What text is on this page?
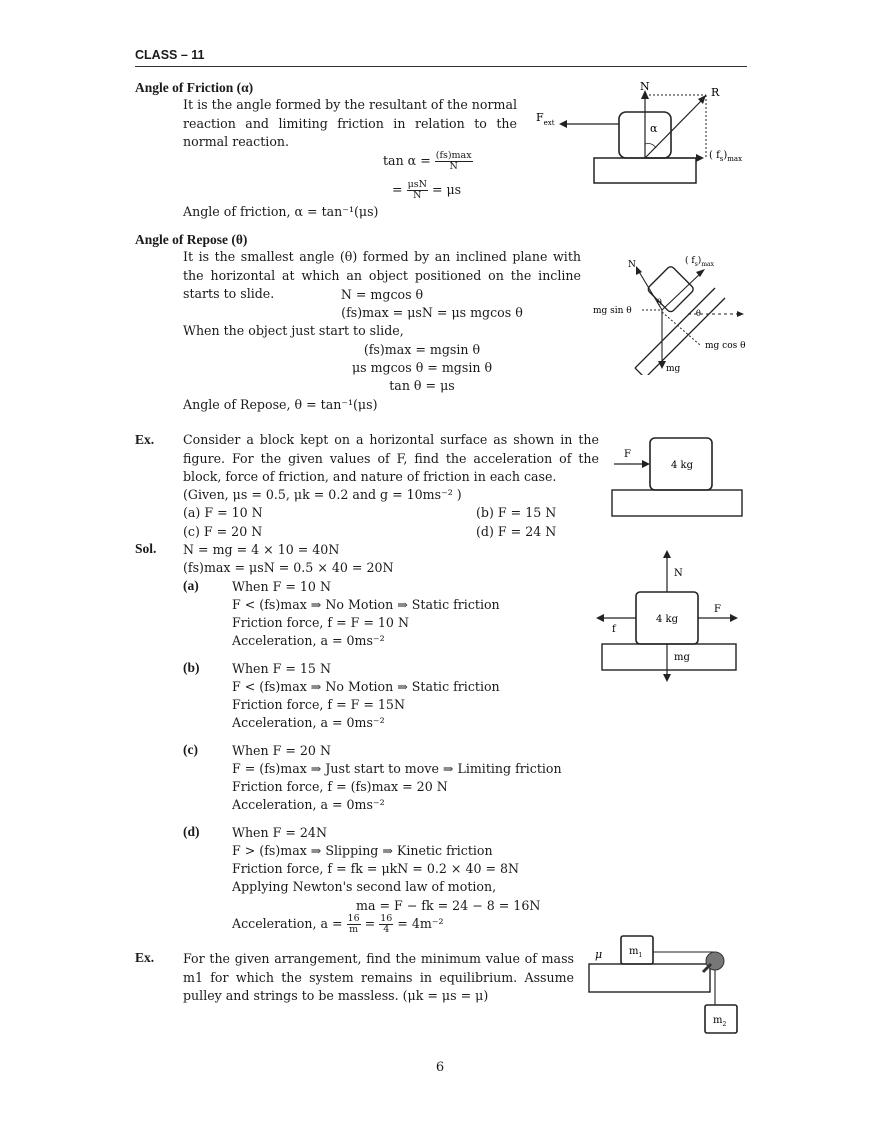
CLASS – 11
Angle of Friction (α)
It is the angle formed by the resultant of the normal reaction and limiting friction in relation to the normal reaction.
$\tan \alpha = \frac{(fs)\max}{N}$
= $\frac{\text{μsN}}{N} = \mu s$
Angle of friction, α = tan⁻¹(μs)
N	R
α
$F_{ext}$
( $f_s)_{max}$
Angle of Repose (θ)
It is the smallest angle (θ) formed by an inclined plane with the horizontal at which an object positioned on the incline starts to slide.	N = mgcos θ
(fs)max = μsN = μs mgcos θ
When the object just start to slide,
(fs)max = mgsin θ
μs mgcos θ = mgsin θ
tan θ = μs
Angle of Repose, θ = tan⁻¹(μs)
N	( $f_s)_{max}$
mg sin θ
mg cos θ
mg
θ
θ
Ex. Consider a block kept on a horizontal surface as shown in the figure. For the given values of F, find the acceleration of the block, force of friction, and nature of friction in each case.
(Given, μs = 0.5, μk = 0.2 and g = 10ms⁻² )
(a) F = 10 N	(b) F = 15 N
(c) F = 20 N	(d) F = 24 N
F
4 kg
Sol. N = mg = 4 × 10 = 40N
(fs)max = μsN = 0.5 × 40 = 20N
(a)	When F = 10 N
F < (fs)max ⇒ No Motion ⇒ Static friction
Friction force, f = F = 10 N
Acceleration, a = 0ms⁻²
(b)	When F = 15 N
F < (fs)max ⇒ No Motion ⇒ Static friction
Friction force, f = F = 15N
Acceleration, a = 0ms⁻²
(c)	When F = 20 N
F = (fs)max ⇒ Just start to move ⇒ Limiting friction
Friction force, f = (fs)max = 20 N
Acceleration, a = 0ms⁻²
(d)	When F = 24N
F > (fs)max ⇒ Slipping ⇒ Kinetic friction
Friction force, f = fk = μkN = 0.2 × 40 = 8N
Applying Newton's second law of motion,
ma = F − fk = 24 − 8 = 16N
Acceleration, $a = \frac{16}{m} = \frac{16}{4} = 4m^{-2}$
N
F
f
4 kg
mg
Ex. For the given arrangement, find the minimum value of mass m1 for which the system remains in equilibrium. Assume pulley and strings to be massless. (μk = μs = μ)
μ	$m_1$
$m_2$
6
